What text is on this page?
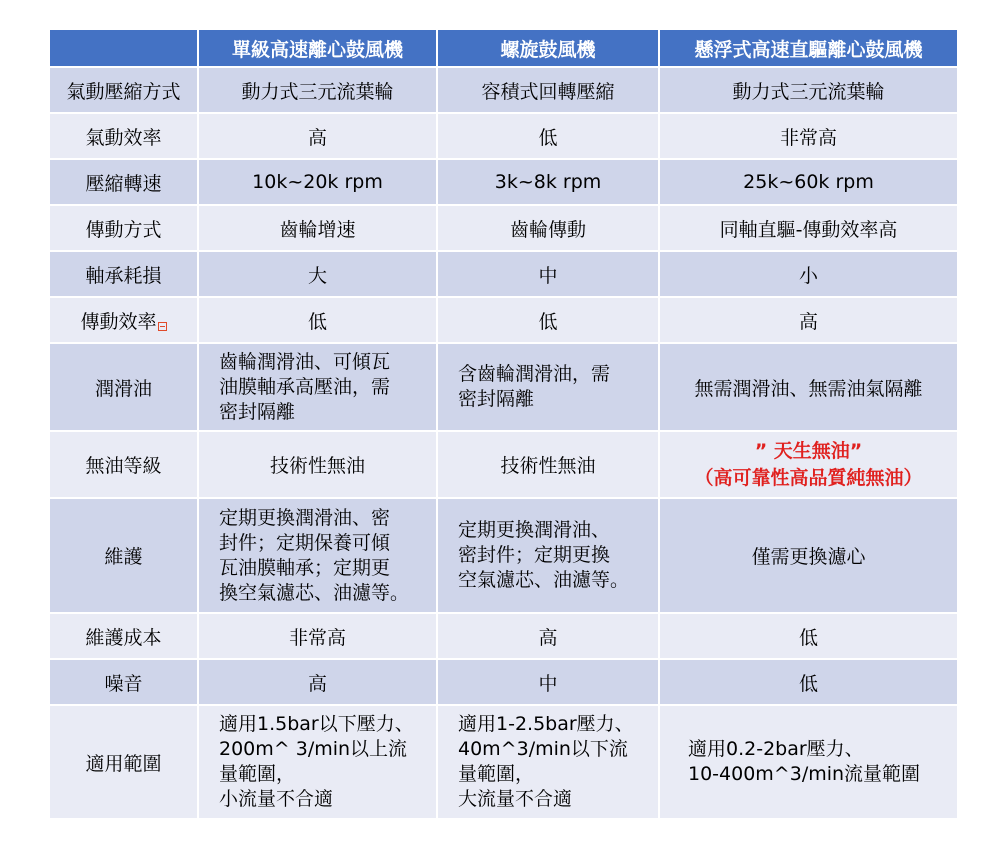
	單級高速離心鼓風機	螺旋鼓風機	懸浮式高速直驅離心鼓風機
氣動壓縮方式	動力式三元流葉輪	容積式回轉壓縮	動力式三元流葉輪
氣動效率	高	低	非常高
壓縮轉速	10k~20k rpm	3k~8k rpm	25k~60k rpm
傳動方式	齒輪增速	齒輪傳動	同軸直驅-傳動效率高
軸承耗損	大	中	小
傳動效率	低	低	高
潤滑油	齒輪潤滑油、可傾瓦
油膜軸承高壓油，需
密封隔離	含齒輪潤滑油，需
密封隔離	無需潤滑油、無需油氣隔離
無油等級	技術性無油	技術性無油	” 天生無油”
（高可靠性高品質純無油）

維護	定期更換潤滑油、密
封件；定期保養可傾
瓦油膜軸承；定期更
換空氣濾芯、油濾等。	定期更換潤滑油、
密封件；定期更換
空氣濾芯、油濾等。	僅需更換濾心
維護成本	非常高	高	低
噪音	高	中	低
適用範圍	適用1.5bar以下壓力、
200m^ 3/min以上流
量範圍，
小流量不合適	適用1-2.5bar壓力、
40m^3/min以下流
量範圍，
大流量不合適	適用0.2-2bar壓力、
10-400m^3/min流量範圍
